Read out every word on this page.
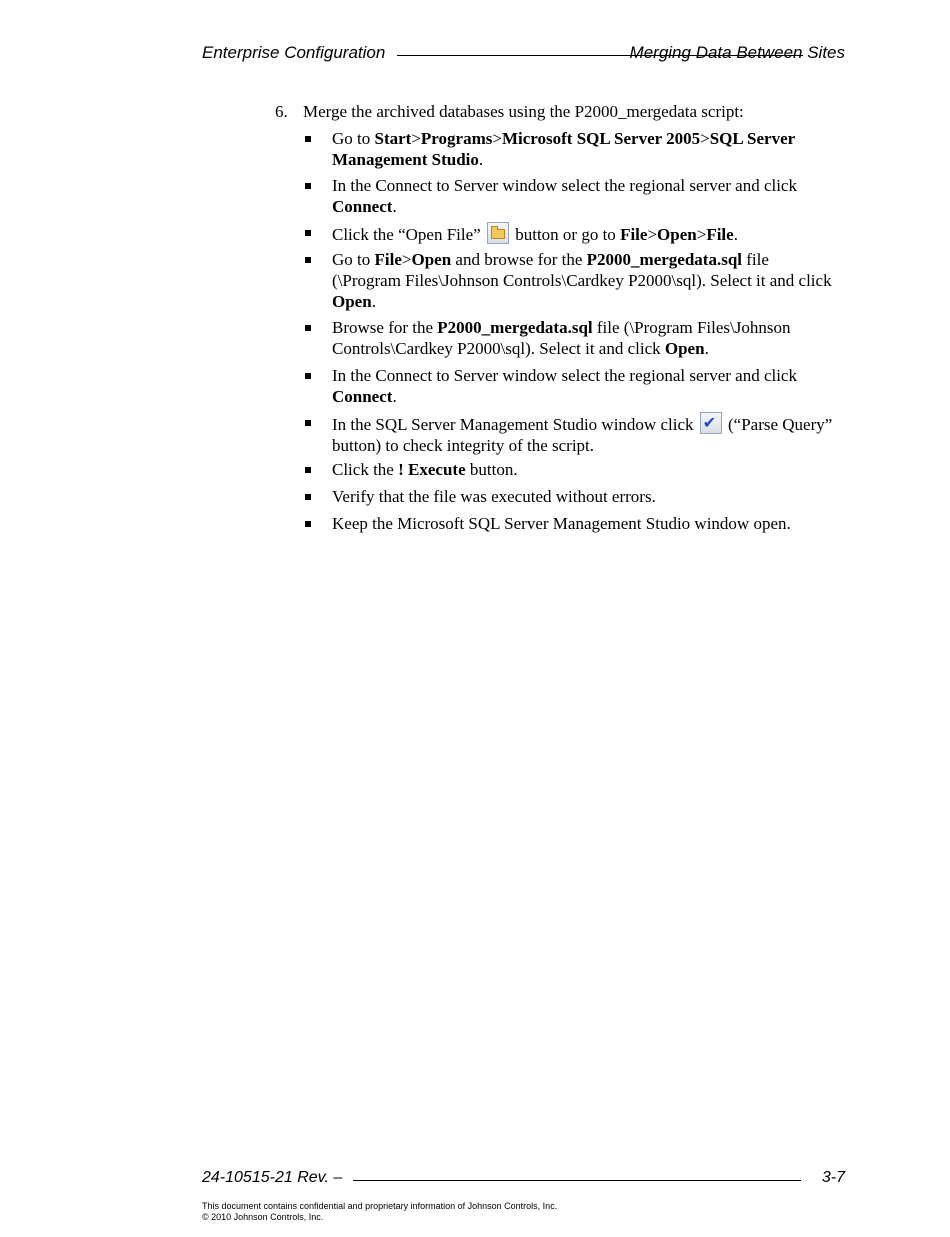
Enterprise Configuration	Merging Data Between Sites
6. Merge the archived databases using the P2000_mergedata script:
Go to Start>Programs>Microsoft SQL Server 2005>SQL Server
Management Studio.
In the Connect to Server window select the regional server and click
Connect.
Click the “Open File” button or go to File>Open>File.
Go to File>Open and browse for the P2000_mergedata.sql file
(\Program Files\Johnson Controls\Cardkey P2000\sql). Select it and click
Open.
Browse for the P2000_mergedata.sql file (\Program Files\Johnson
Controls\Cardkey P2000\sql). Select it and click Open.
In the Connect to Server window select the regional server and click
Connect.
In the SQL Server Management Studio window click ✔ (“Parse Query”
button) to check integrity of the script.
Click the ! Execute button.
Verify that the file was executed without errors.
Keep the Microsoft SQL Server Management Studio window open.
24-10515-21 Rev. –	3-7
This document contains confidential and proprietary information of Johnson Controls, Inc.
© 2010 Johnson Controls, Inc.
